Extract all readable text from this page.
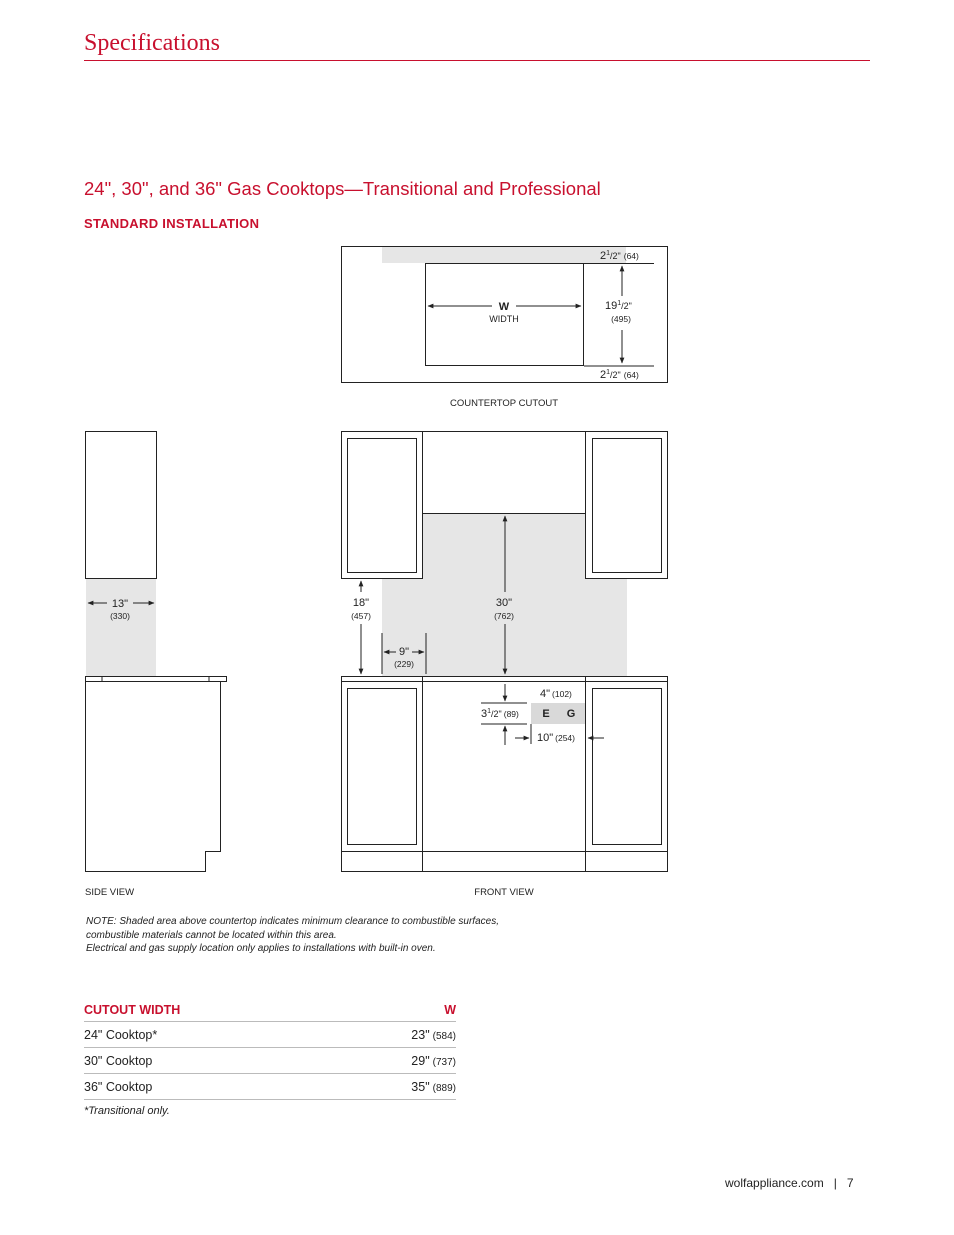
Specifications
24", 30", and 36" Gas Cooktops—Transitional and Professional
STANDARD INSTALLATION
W
WIDTH
$2^1_{/2"}$ (64)
$19^1_{/2"}$
(495)
$2^1_{/2"}$ (64)
COUNTERTOP CUTOUT
13"
(330)
SIDE VIEW
18"
(457)
30"
(762)
9"
(229)
E G
4" (102)
$3^1_{/2"}$ (89)
10" (254)
FRONT VIEW
NOTE: Shaded area above countertop indicates minimum clearance to combustible surfaces,
combustible materials cannot be located within this area.
Electrical and gas supply location only applies to installations with built-in oven.
CUTOUT WIDTH	W
24" Cooktop*	23" (584)
30" Cooktop	29" (737)
36" Cooktop	35" (889)
*Transitional only.
wolfappliance.com | 7
